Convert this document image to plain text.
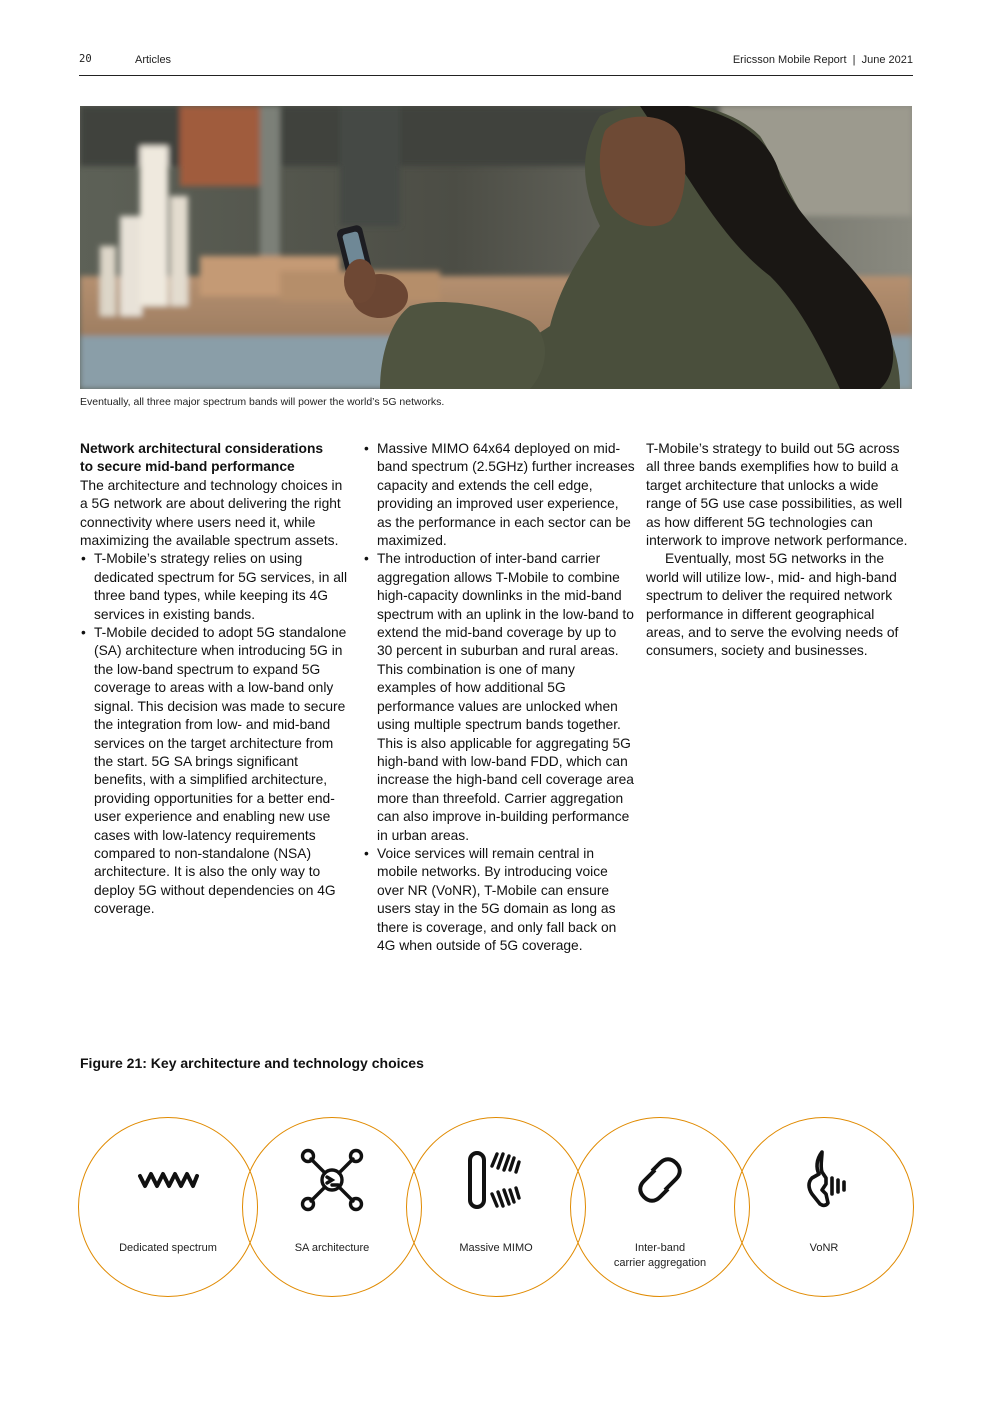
20	Articles	Ericsson Mobile Report  |  June 2021
Eventually, all three major spectrum bands will power the world’s 5G networks.
Network architectural considerations
to secure mid-band performance

The architecture and technology choices in a 5G network are about delivering the right connectivity where users need it, while maximizing the available spectrum assets.

• T-Mobile’s strategy relies on using dedicated spectrum for 5G services, in all three band types, while keeping its 4G services in existing bands.
• T-Mobile decided to adopt 5G standalone (SA) architecture when introducing 5G in the low-band spectrum to expand 5G coverage to areas with a low-band only signal. This decision was made to secure the integration from low- and mid-band services on the target architecture from the start. 5G SA brings significant benefits, with a simplified architecture, providing opportunities for a better end-user experience and enabling new use cases with low-latency requirements compared to non-standalone (NSA) architecture. It is also the only way to deploy 5G without dependencies on 4G coverage.
• Massive MIMO 64x64 deployed on mid-band spectrum (2.5GHz) further increases capacity and extends the cell edge, providing an improved user experience, as the performance in each sector can be maximized.
• The introduction of inter-band carrier aggregation allows T-Mobile to combine high-capacity downlinks in the mid-band spectrum with an uplink in the low-band to extend the mid-band coverage by up to 30 percent in suburban and rural areas. This combination is one of many examples of how additional 5G performance values are unlocked when using multiple spectrum bands together. This is also applicable for aggregating 5G high-band with low-band FDD, which can increase the high-band cell coverage area more than threefold. Carrier aggregation can also improve in-building performance in urban areas.
• Voice services will remain central in mobile networks. By introducing voice over NR (VoNR), T-Mobile can ensure users stay in the 5G domain as long as there is coverage, and only fall back on 4G when outside of 5G coverage.

T-Mobile’s strategy to build out 5G across all three bands exemplifies how to build a target architecture that unlocks a wide range of 5G use case possibilities, as well as how different 5G technologies can interwork to improve network performance.

Eventually, most 5G networks in the world will utilize low-, mid- and high-band spectrum to deliver the required network performance in different geographical areas, and to serve the evolving needs of consumers, society and businesses.

Figure 21: Key architecture and technology choices
Dedicated spectrum	SA architecture	Massive MIMO	Inter-band
carrier aggregation
VoNR
